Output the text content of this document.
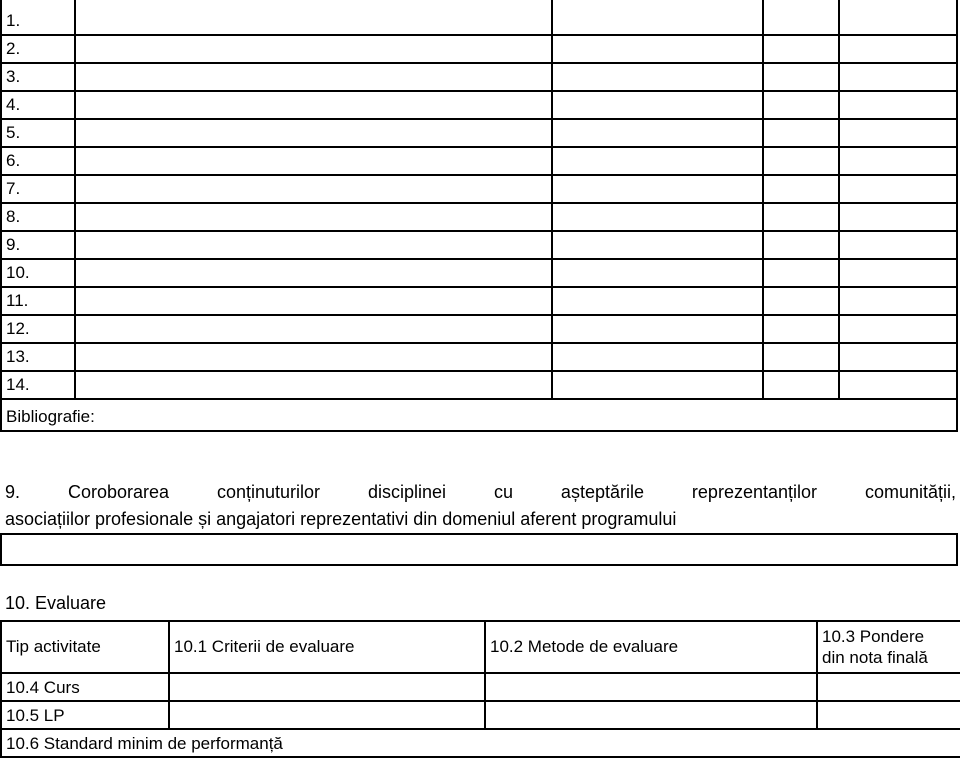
1.				
2.				
3.				
4.				
5.				
6.				
7.				
8.				
9.				
10.				
11.				
12.				
13.				
14.				
Bibliografie:				
9. Coroborarea conținuturilor disciplinei cu așteptările reprezentanților comunității,
asociațiilor profesionale și angajatori reprezentativi din domeniul aferent programului
10. Evaluare
Tip activitate	10.1 Criterii de evaluare	10.2 Metode de evaluare	10.3 Pondere
din nota finală

10.4 Curs			
10.5 LP			
10.6 Standard minim de performanță			
